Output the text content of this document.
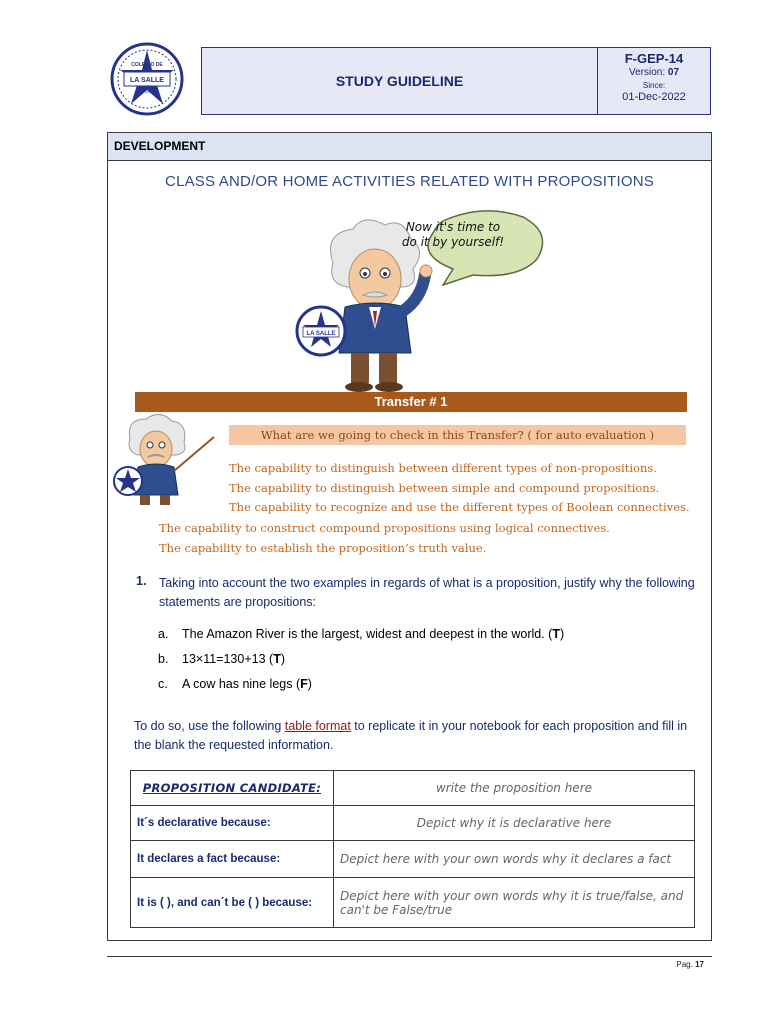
COLEGIO DE
LA SALLE
BOGOTÁ
STUDY GUIDELINE
F-GEP-14
Version: 07
Since:
01-Dec-2022
DEVELOPMENT
CLASS AND/OR HOME ACTIVITIES RELATED WITH PROPOSITIONS
LA SALLE
Now it's time to
do it by yourself!
Transfer # 1
What are we going to check in this Transfer? ( for auto evaluation )
The capability to distinguish between different types of non-propositions.
The capability to distinguish between simple and compound propositions.
The capability to recognize and use the different types of Boolean connectives.
The capability to construct compound propositions using logical connectives.
The capability to establish the proposition’s truth value.
1. Taking into account the two examples in regards of what is a proposition, justify why the following statements are propositions:
a. The Amazon River is the largest, widest and deepest in the world. (T)
b. 13×11=130+13 (T)
c. A cow has nine legs (F)
To do so, use the following table format to replicate it in your notebook for each proposition and fill in the blank the requested information.
PROPOSITION CANDIDATE:	write the proposition here
It´s declarative because:	Depict why it is declarative here
It declares a fact because:	Depict here with your own words why it declares a fact
It is ( ), and can´t be ( ) because:	Depict here with your own words why it is true/false, and can't be False/true
Pag. 17
